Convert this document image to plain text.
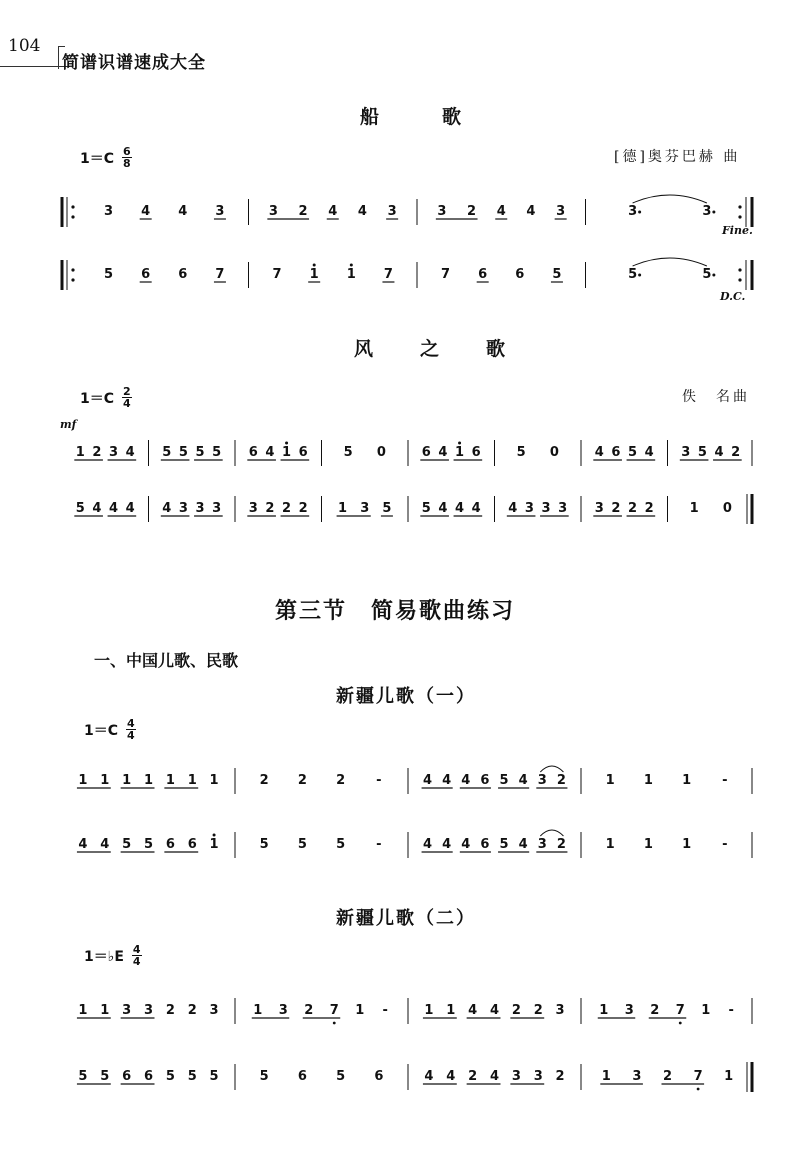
104
简谱识谱速成大全
船　歌
$1=C \frac{6}{8}$	[德]奥芬巴赫 曲
3 4 4 3	3 2 4 4 3	3 2 4 4 3	3	3
Fine.
5 6 6 7	7 1 1 7	7 6 6 5	5	5
D.C.
风　之　歌
$1=C \frac{2}{4}$	佚　名曲
mf
1 2 3 4 5 5 5 5 6 4 1 6	5 0	6 4 1 6	5 0	4 6 5 4 3 5 4 2
5 4 4 4 4 3 3 3 3 2 2 2 1 3 5 5 4 4 4 4 3 3 3 3 2 2 2	1 0
第三节　简易歌曲练习
一、中国儿歌、民歌
新疆儿歌（一）
$1=C \frac{4}{4}$
1 1 1 1 1 1 1	2 2 2 -	4 4 4 6 5 4 3 2	1 1 1 -
4 4 5 5 6 6 1	5 5 5 -	4 4 4 6 5 4 3 2	1 1 1 -
新疆儿歌（二）
1＝♭E $\frac{4}{4}$
1 1 3 3 2 2 3	1 3 2 7 1 -	1 1 4 4 2 2 3	1 3 2 7 1 -
5 5 6 6 5 5 5	5 6 5 6	4 4 2 4 3 3 2	1 3 2 7 1
